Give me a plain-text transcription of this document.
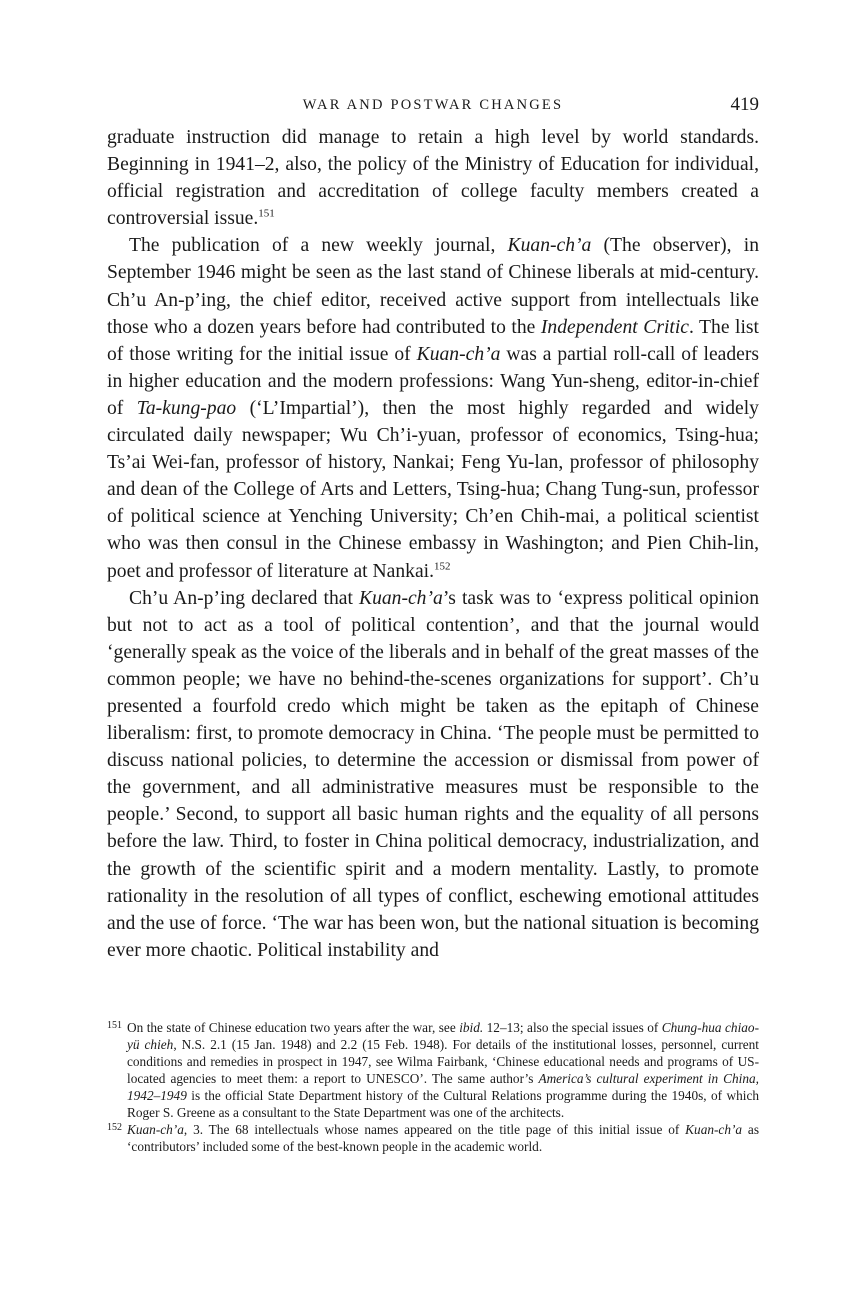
WAR AND POSTWAR CHANGES	419

graduate instruction did manage to retain a high level by world standards. Beginning in 1941–2, also, the policy of the Ministry of Education for individual, official registration and accreditation of college faculty members created a controversial issue.$^{151}$

The publication of a new weekly journal, Kuan-ch’a (The observer), in September 1946 might be seen as the last stand of Chinese liberals at mid-century. Ch’u An-p’ing, the chief editor, received active support from intellectuals like those who a dozen years before had contributed to the Independent Critic. The list of those writing for the initial issue of Kuan-ch’a was a partial roll-call of leaders in higher education and the modern professions: Wang Yun-sheng, editor-in-chief of Ta-kung-pao (‘L’Impartial’), then the most highly regarded and widely circulated daily newspaper; Wu Ch’i-yuan, professor of economics, Tsing-hua; Ts’ai Wei-fan, professor of history, Nankai; Feng Yu-lan, professor of philosophy and dean of the College of Arts and Letters, Tsing-hua; Chang Tung-sun, professor of political science at Yenching University; Ch’en Chih-mai, a political scientist who was then consul in the Chinese embassy in Washington; and Pien Chih-lin, poet and professor of literature at Nankai.$^{152}$

Ch’u An-p’ing declared that Kuan-ch’a’s task was to ‘express political opinion but not to act as a tool of political contention’, and that the journal would ‘generally speak as the voice of the liberals and in behalf of the great masses of the common people; we have no behind-the-scenes organizations for support’. Ch’u presented a fourfold credo which might be taken as the epitaph of Chinese liberalism: first, to promote democracy in China. ‘The people must be permitted to discuss national policies, to determine the accession or dismissal from power of the government, and all administrative measures must be responsible to the people.’ Second, to support all basic human rights and the equality of all persons before the law. Third, to foster in China political democracy, industrialization, and the growth of the scientific spirit and a modern mentality. Lastly, to promote rationality in the resolution of all types of conflict, eschewing emotional attitudes and the use of force. ‘The war has been won, but the national situation is becoming ever more chaotic. Political instability and

151 On the state of Chinese education two years after the war, see ibid. 12–13; also the special issues of Chung-hua chiao-yü chieh, N.S. 2.1 (15 Jan. 1948) and 2.2 (15 Feb. 1948). For details of the institutional losses, personnel, current conditions and remedies in prospect in 1947, see Wilma Fairbank, ‘Chinese educational needs and programs of US-located agencies to meet them: a report to UNESCO’. The same author’s America’s cultural experiment in China, 1942–1949 is the official State Department history of the Cultural Relations programme during the 1940s, of which Roger S. Greene as a consultant to the State Department was one of the architects.

152 Kuan-ch’a, 3. The 68 intellectuals whose names appeared on the title page of this initial issue of Kuan-ch’a as ‘contributors’ included some of the best-known people in the academic world.
